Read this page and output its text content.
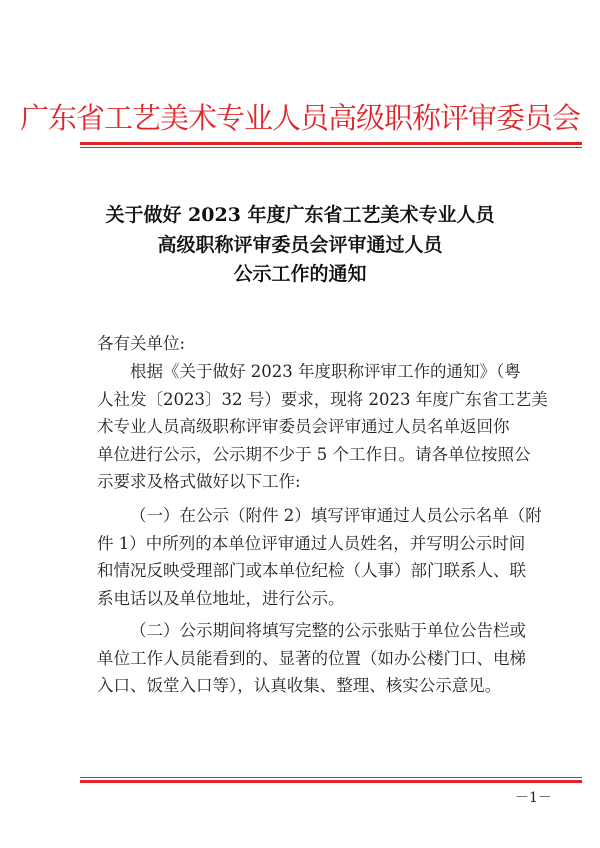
广东省工艺美术专业人员高级职称评审委员会
关于做好 2023 年度广东省工艺美术专业人员
高级职称评审委员会评审通过人员
公示工作的通知
各有关单位:
根据《关于做好 2023 年度职称评审工作的通知》（粤
人社发〔2023〕32 号）要求，现将 2023 年度广东省工艺美
术专业人员高级职称评审委员会评审通过人员名单返回你
单位进行公示，公示期不少于 5 个工作日。请各单位按照公
示要求及格式做好以下工作:
（一）在公示（附件 2）填写评审通过人员公示名单（附
件 1）中所列的本单位评审通过人员姓名，并写明公示时间
和情况反映受理部门或本单位纪检（人事）部门联系人、联
系电话以及单位地址，进行公示。
（二）公示期间将填写完整的公示张贴于单位公告栏或
单位工作人员能看到的、显著的位置（如办公楼门口、电梯
入口、饭堂入口等），认真收集、整理、核实公示意见。
－1－
